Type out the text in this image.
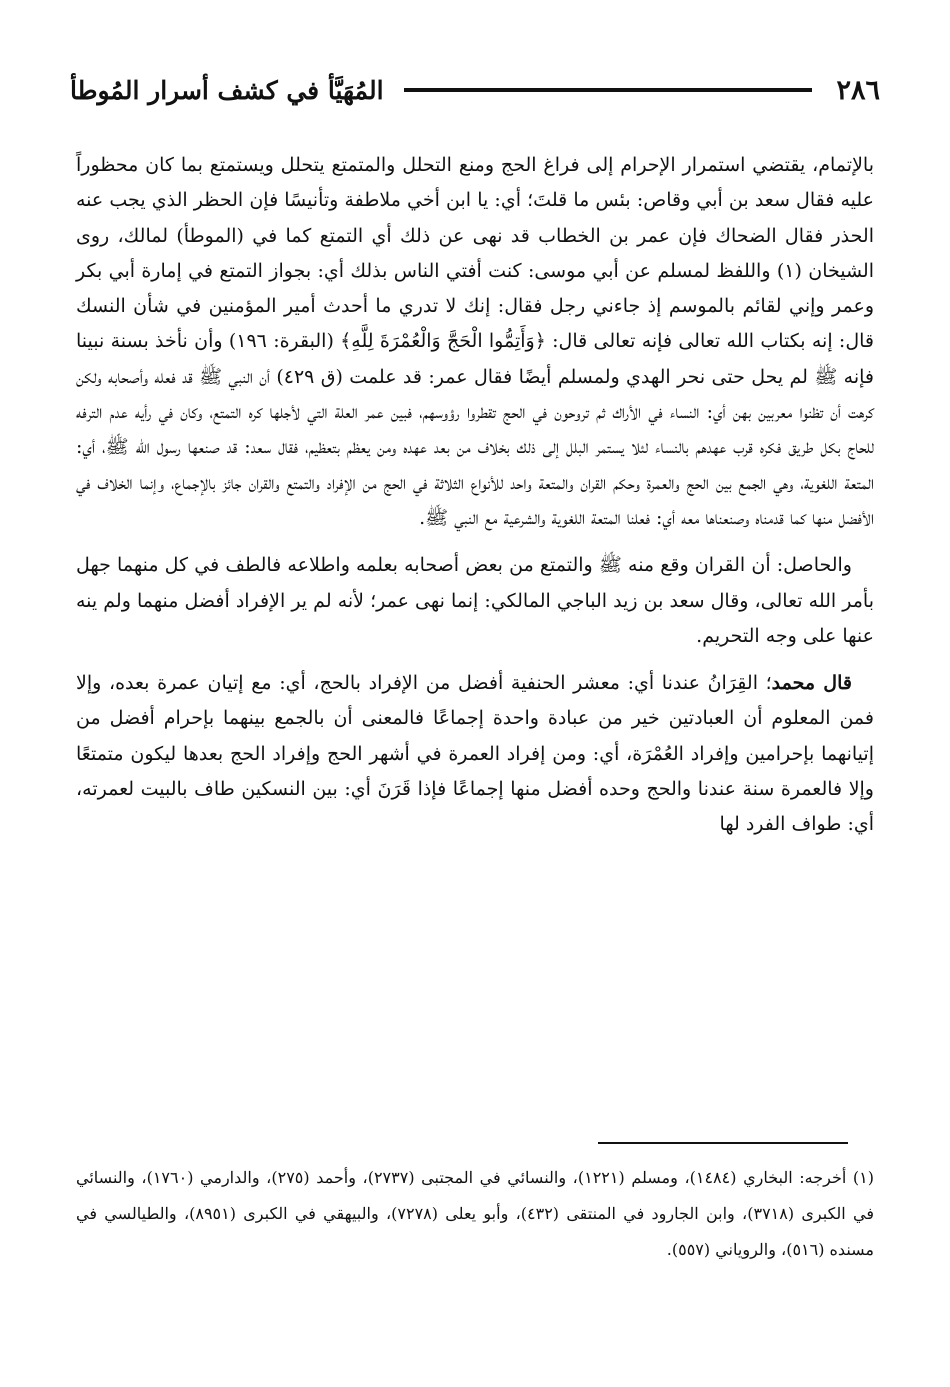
٢٨٦
المُهَيَّأ في كشف أسرار المُوطأ

بالإتمام، يقتضي استمرار الإحرام إلى فراغ الحج ومنع التحلل والمتمتع يتحلل ويستمتع بما كان محظوراً عليه فقال سعد بن أبي وقاص: بئس ما قلتَ؛ أي: يا ابن أخي ملاطفة وتأنيسًا فإن الحظر الذي يجب عنه الحذر فقال الضحاك فإن عمر بن الخطاب قد نهى عن ذلك أي التمتع كما في (الموطأ) لمالك، روى الشيخان (١) واللفظ لمسلم عن أبي موسى: كنت أفتي الناس بذلك أي: بجواز التمتع في إمارة أبي بكر وعمر وإني لقائم بالموسم إذ جاءني رجل فقال: إنك لا تدري ما أحدث أمير المؤمنين في شأن النسك قال: إنه بكتاب الله تعالى فإنه تعالى قال: ﴿وَأَتِمُّوا الْحَجَّ وَالْعُمْرَةَ لِلَّهِ﴾ (البقرة: ١٩٦) وأن نأخذ بسنة نبينا فإنه ﷺ لم يحل حتى نحر الهدي ولمسلم أيضًا فقال عمر: قد علمت (ق ٤٢٩) أن النبي ﷺ قد فعله وأصحابه ولكن كرهت أن تظنوا معربين بهن أي: النساء في الأراك ثم تروحون في الحج تقطروا رؤوسهم، فبين عمر العلة التي لأجلها كره التمتع، وكان في رأيه عدم الترفه للحاج بكل طريق فكره قرب عهدهم بالنساء لئلا يستمر البلل إلى ذلك بخلاف من بعد عهده ومن يعظم بتعظيم، فقال سعد: قد صنعها رسول الله ﷺ، أي: المتعة اللغوية، وهي الجمع بين الحج والعمرة وحكم القران والمتعة واحد للأنواع الثلاثة في الحج من الإفراد والتمتع والقران جائز بالإجماع، وإنما الخلاف في الأفضل منها كما قدمناه وصنعناها معه أي: فعلنا المتعة اللغوية والشرعية مع النبي ﷺ.

والحاصل: أن القران وقع منه ﷺ والتمتع من بعض أصحابه بعلمه واطلاعه فالطف في كل منهما جهل بأمر الله تعالى، وقال سعد بن زيد الباجي المالكي: إنما نهى عمر؛ لأنه لم ير الإفراد أفضل منهما ولم ينه عنها على وجه التحريم.

قال محمد؛ القِرَانُ عندنا أي: معشر الحنفية أفضل من الإفراد بالحج، أي: مع إتيان عمرة بعده، وإلا فمن المعلوم أن العبادتين خير من عبادة واحدة إجماعًا فالمعنى أن بالجمع بينهما بإحرام أفضل من إتيانهما بإحرامين وإفراد العُمْرَة، أي: ومن إفراد العمرة في أشهر الحج وإفراد الحج بعدها ليكون متمتعًا وإلا فالعمرة سنة عندنا والحج وحده أفضل منها إجماعًا فإذا قَرَنَ أي: بين النسكين طاف بالبيت لعمرته، أي: طواف الفرد لها

(١) أخرجه: البخاري (١٤٨٤)، ومسلم (١٢٢١)، والنسائي في المجتبى (٢٧٣٧)، وأحمد (٢٧٥)، والدارمي (١٧٦٠)، والنسائي في الكبرى (٣٧١٨)، وابن الجارود في المنتقى (٤٣٢)، وأبو يعلى (٧٢٧٨)، والبيهقي في الكبرى (٨٩٥١)، والطيالسي في مسنده (٥١٦)، والروياني (٥٥٧).
